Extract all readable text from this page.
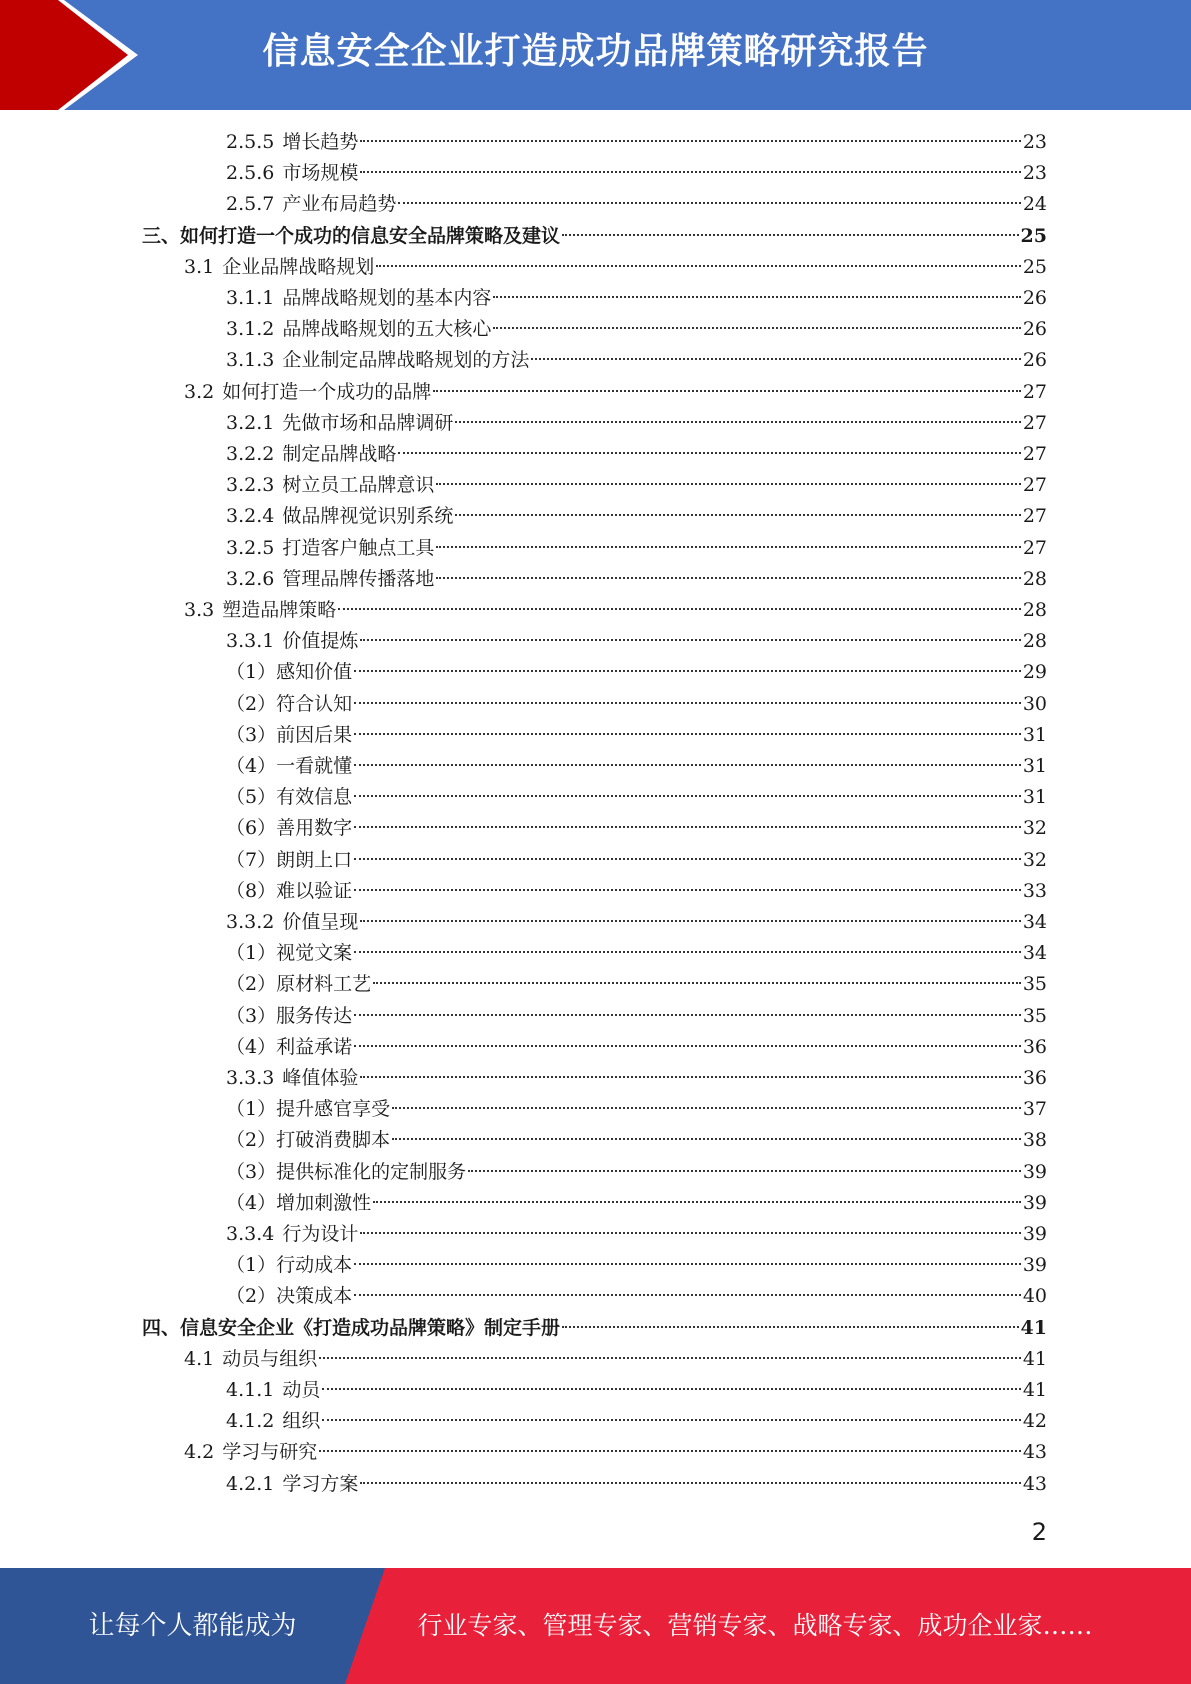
信息安全企业打造成功品牌策略研究报告
2.5.5 增长趋势	23
2.5.6 市场规模	23
2.5.7 产业布局趋势	24
三、如何打造一个成功的信息安全品牌策略及建议	25
3.1 企业品牌战略规划	25
3.1.1 品牌战略规划的基本内容	26
3.1.2 品牌战略规划的五大核心	26
3.1.3 企业制定品牌战略规划的方法	26
3.2 如何打造一个成功的品牌	27
3.2.1 先做市场和品牌调研	27
3.2.2 制定品牌战略	27
3.2.3 树立员工品牌意识	27
3.2.4 做品牌视觉识别系统	27
3.2.5 打造客户触点工具	27
3.2.6 管理品牌传播落地	28
3.3 塑造品牌策略	28
3.3.1 价值提炼	28
（1）感知价值	29
（2）符合认知	30
（3）前因后果	31
（4）一看就懂	31
（5）有效信息	31
（6）善用数字	32
（7）朗朗上口	32
（8）难以验证	33
3.3.2 价值呈现	34
（1）视觉文案	34
（2）原材料工艺	35
（3）服务传达	35
（4）利益承诺	36
3.3.3 峰值体验	36
（1）提升感官享受	37
（2）打破消费脚本	38
（3）提供标准化的定制服务	39
（4）增加刺激性	39
3.3.4 行为设计	39
（1）行动成本	39
（2）决策成本	40
四、信息安全企业《打造成功品牌策略》制定手册	41
4.1 动员与组织	41
4.1.1 动员	41
4.1.2 组织	42
4.2 学习与研究	43
4.2.1 学习方案	43
2
让每个人都能成为	行业专家、管理专家、营销专家、战略专家、成功企业家……
